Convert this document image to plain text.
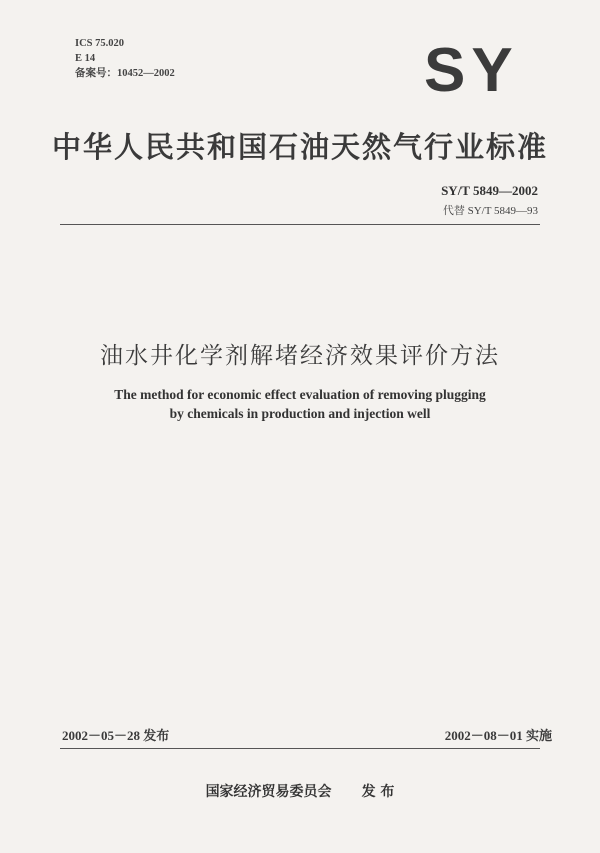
ICS 75.020
E 14
备案号：10452—2002	SY
中华人民共和国石油天然气行业标准
SY/T 5849—2002
代替 SY/T 5849—93
油水井化学剂解堵经济效果评价方法
The method for economic effect evaluation of removing plugging
by chemicals in production and injection well
2002－05－28 发布	2002－08－01 实施
国家经济贸易委员会 发 布
